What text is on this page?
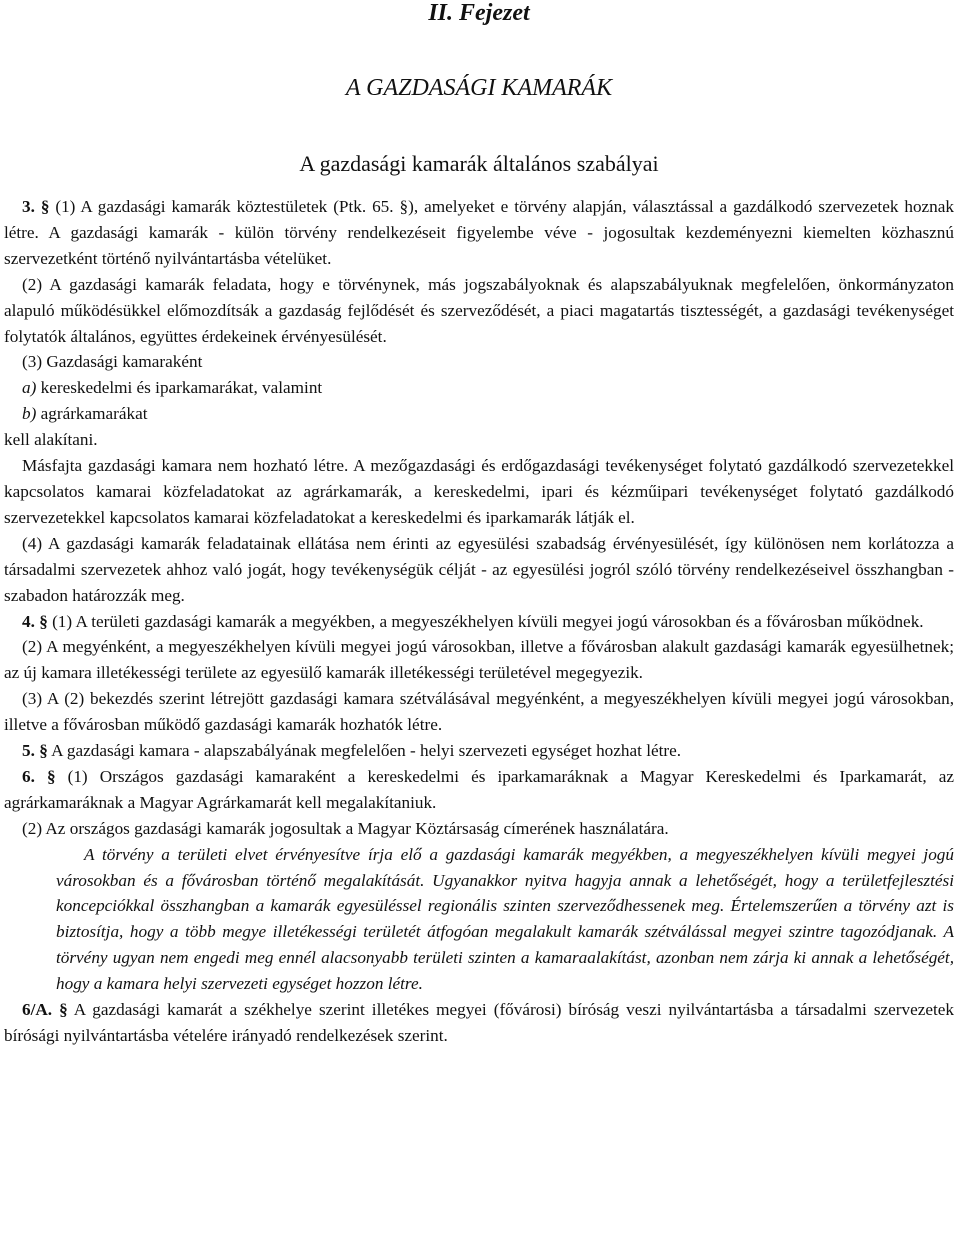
II. Fejezet
A GAZDASÁGI KAMARÁK
A gazdasági kamarák általános szabályai

3. § (1) A gazdasági kamarák köztestületek (Ptk. 65. §), amelyeket e törvény alapján, választással a gazdálkodó szervezetek hoznak létre. A gazdasági kamarák - külön törvény rendelkezéseit figyelembe véve - jogosultak kezdeményezni kiemelten közhasznú szervezetként történő nyilvántartásba vételüket.

(2) A gazdasági kamarák feladata, hogy e törvénynek, más jogszabályoknak és alapszabályuknak megfelelően, önkormányzaton alapuló működésükkel előmozdítsák a gazdaság fejlődését és szerveződését, a piaci magatartás tisztességét, a gazdasági tevékenységet folytatók általános, együttes érdekeinek érvényesülését.

(3) Gazdasági kamaraként

a) kereskedelmi és iparkamarákat, valamint

b) agrárkamarákat

kell alakítani.

Másfajta gazdasági kamara nem hozható létre. A mezőgazdasági és erdőgazdasági tevékenységet folytató gazdálkodó szervezetekkel kapcsolatos kamarai közfeladatokat az agrárkamarák, a kereskedelmi, ipari és kézműipari tevékenységet folytató gazdálkodó szervezetekkel kapcsolatos kamarai közfeladatokat a kereskedelmi és iparkamarák látják el.

(4) A gazdasági kamarák feladatainak ellátása nem érinti az egyesülési szabadság érvényesülését, így különösen nem korlátozza a társadalmi szervezetek ahhoz való jogát, hogy tevékenységük célját - az egyesülési jogról szóló törvény rendelkezéseivel összhangban - szabadon határozzák meg.

4. § (1) A területi gazdasági kamarák a megyékben, a megyeszékhelyen kívüli megyei jogú városokban és a fővárosban működnek.

(2) A megyénként, a megyeszékhelyen kívüli megyei jogú városokban, illetve a fővárosban alakult gazdasági kamarák egyesülhetnek; az új kamara illetékességi területe az egyesülő kamarák illetékességi területével megegyezik.

(3) A (2) bekezdés szerint létrejött gazdasági kamara szétválásával megyénként, a megyeszékhelyen kívüli megyei jogú városokban, illetve a fővárosban működő gazdasági kamarák hozhatók létre.

5. § A gazdasági kamara - alapszabályának megfelelően - helyi szervezeti egységet hozhat létre.

6. § (1) Országos gazdasági kamaraként a kereskedelmi és iparkamaráknak a Magyar Kereskedelmi és Iparkamarát, az agrárkamaráknak a Magyar Agrárkamarát kell megalakítaniuk.

(2) Az országos gazdasági kamarák jogosultak a Magyar Köztársaság címerének használatára.

A törvény a területi elvet érvényesítve írja elő a gazdasági kamarák megyékben, a megyeszékhelyen kívüli megyei jogú városokban és a fővárosban történő megalakítását. Ugyanakkor nyitva hagyja annak a lehetőségét, hogy a területfejlesztési koncepciókkal összhangban a kamarák egyesüléssel regionális szinten szerveződhessenek meg. Értelemszerűen a törvény azt is biztosítja, hogy a több megye illetékességi területét átfogóan megalakult kamarák szétválással megyei szintre tagozódjanak. A törvény ugyan nem engedi meg ennél alacsonyabb területi szinten a kamaraalakítást, azonban nem zárja ki annak a lehetőségét, hogy a kamara helyi szervezeti egységet hozzon létre.

6/A. § A gazdasági kamarát a székhelye szerint illetékes megyei (fővárosi) bíróság veszi nyilvántartásba a társadalmi szervezetek bírósági nyilvántartásba vételére irányadó rendelkezések szerint.
